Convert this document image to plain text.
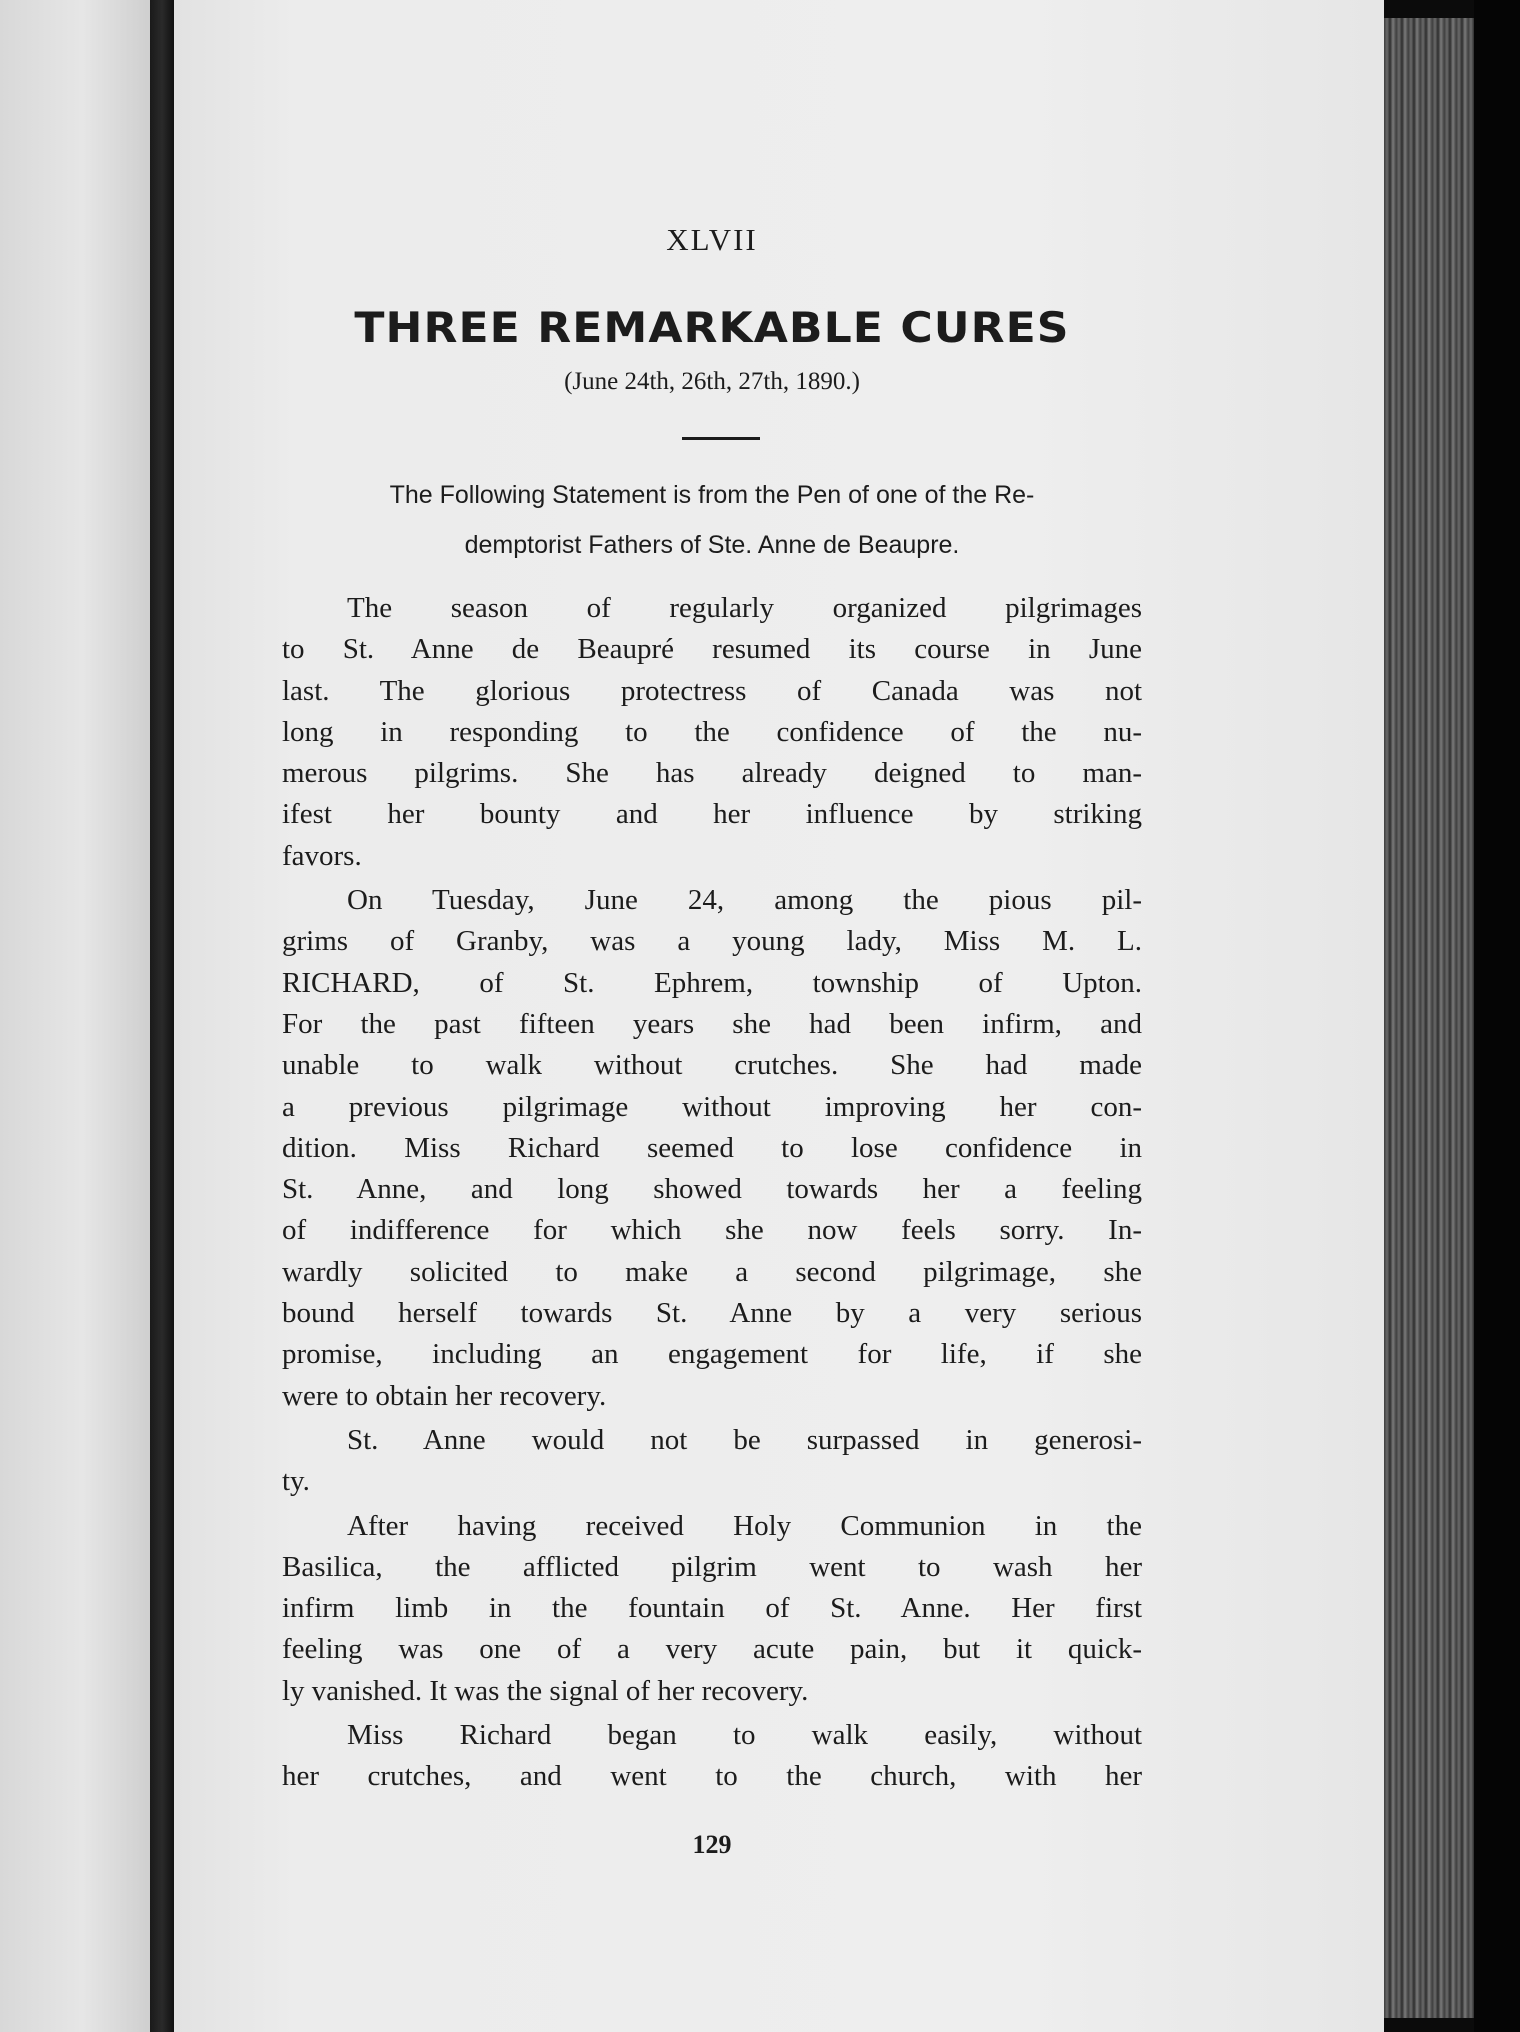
XLVII
THREE REMARKABLE CURES
(June 24th, 26th, 27th, 1890.)
The Following Statement is from the Pen of one of the Re-
demptorist Fathers of Ste. Anne de Beaupre.
The season of regularly organized pilgrimages
to St. Anne de Beaupré resumed its course in June
last. The glorious protectress of Canada was not
long in responding to the confidence of the nu-
merous pilgrims. She has already deigned to man-
ifest her bounty and her influence by striking
favors.
On Tuesday, June 24, among the pious pil-
grims of Granby, was a young lady, Miss M. L.
RICHARD, of St. Ephrem, township of Upton.
For the past fifteen years she had been infirm, and
unable to walk without crutches. She had made
a previous pilgrimage without improving her con-
dition. Miss Richard seemed to lose confidence in
St. Anne, and long showed towards her a feeling
of indifference for which she now feels sorry. In-
wardly solicited to make a second pilgrimage, she
bound herself towards St. Anne by a very serious
promise, including an engagement for life, if she
were to obtain her recovery.
St. Anne would not be surpassed in generosi-
ty.
After having received Holy Communion in the
Basilica, the afflicted pilgrim went to wash her
infirm limb in the fountain of St. Anne. Her first
feeling was one of a very acute pain, but it quick-
ly vanished. It was the signal of her recovery.
Miss Richard began to walk easily, without
her crutches, and went to the church, with her
129
